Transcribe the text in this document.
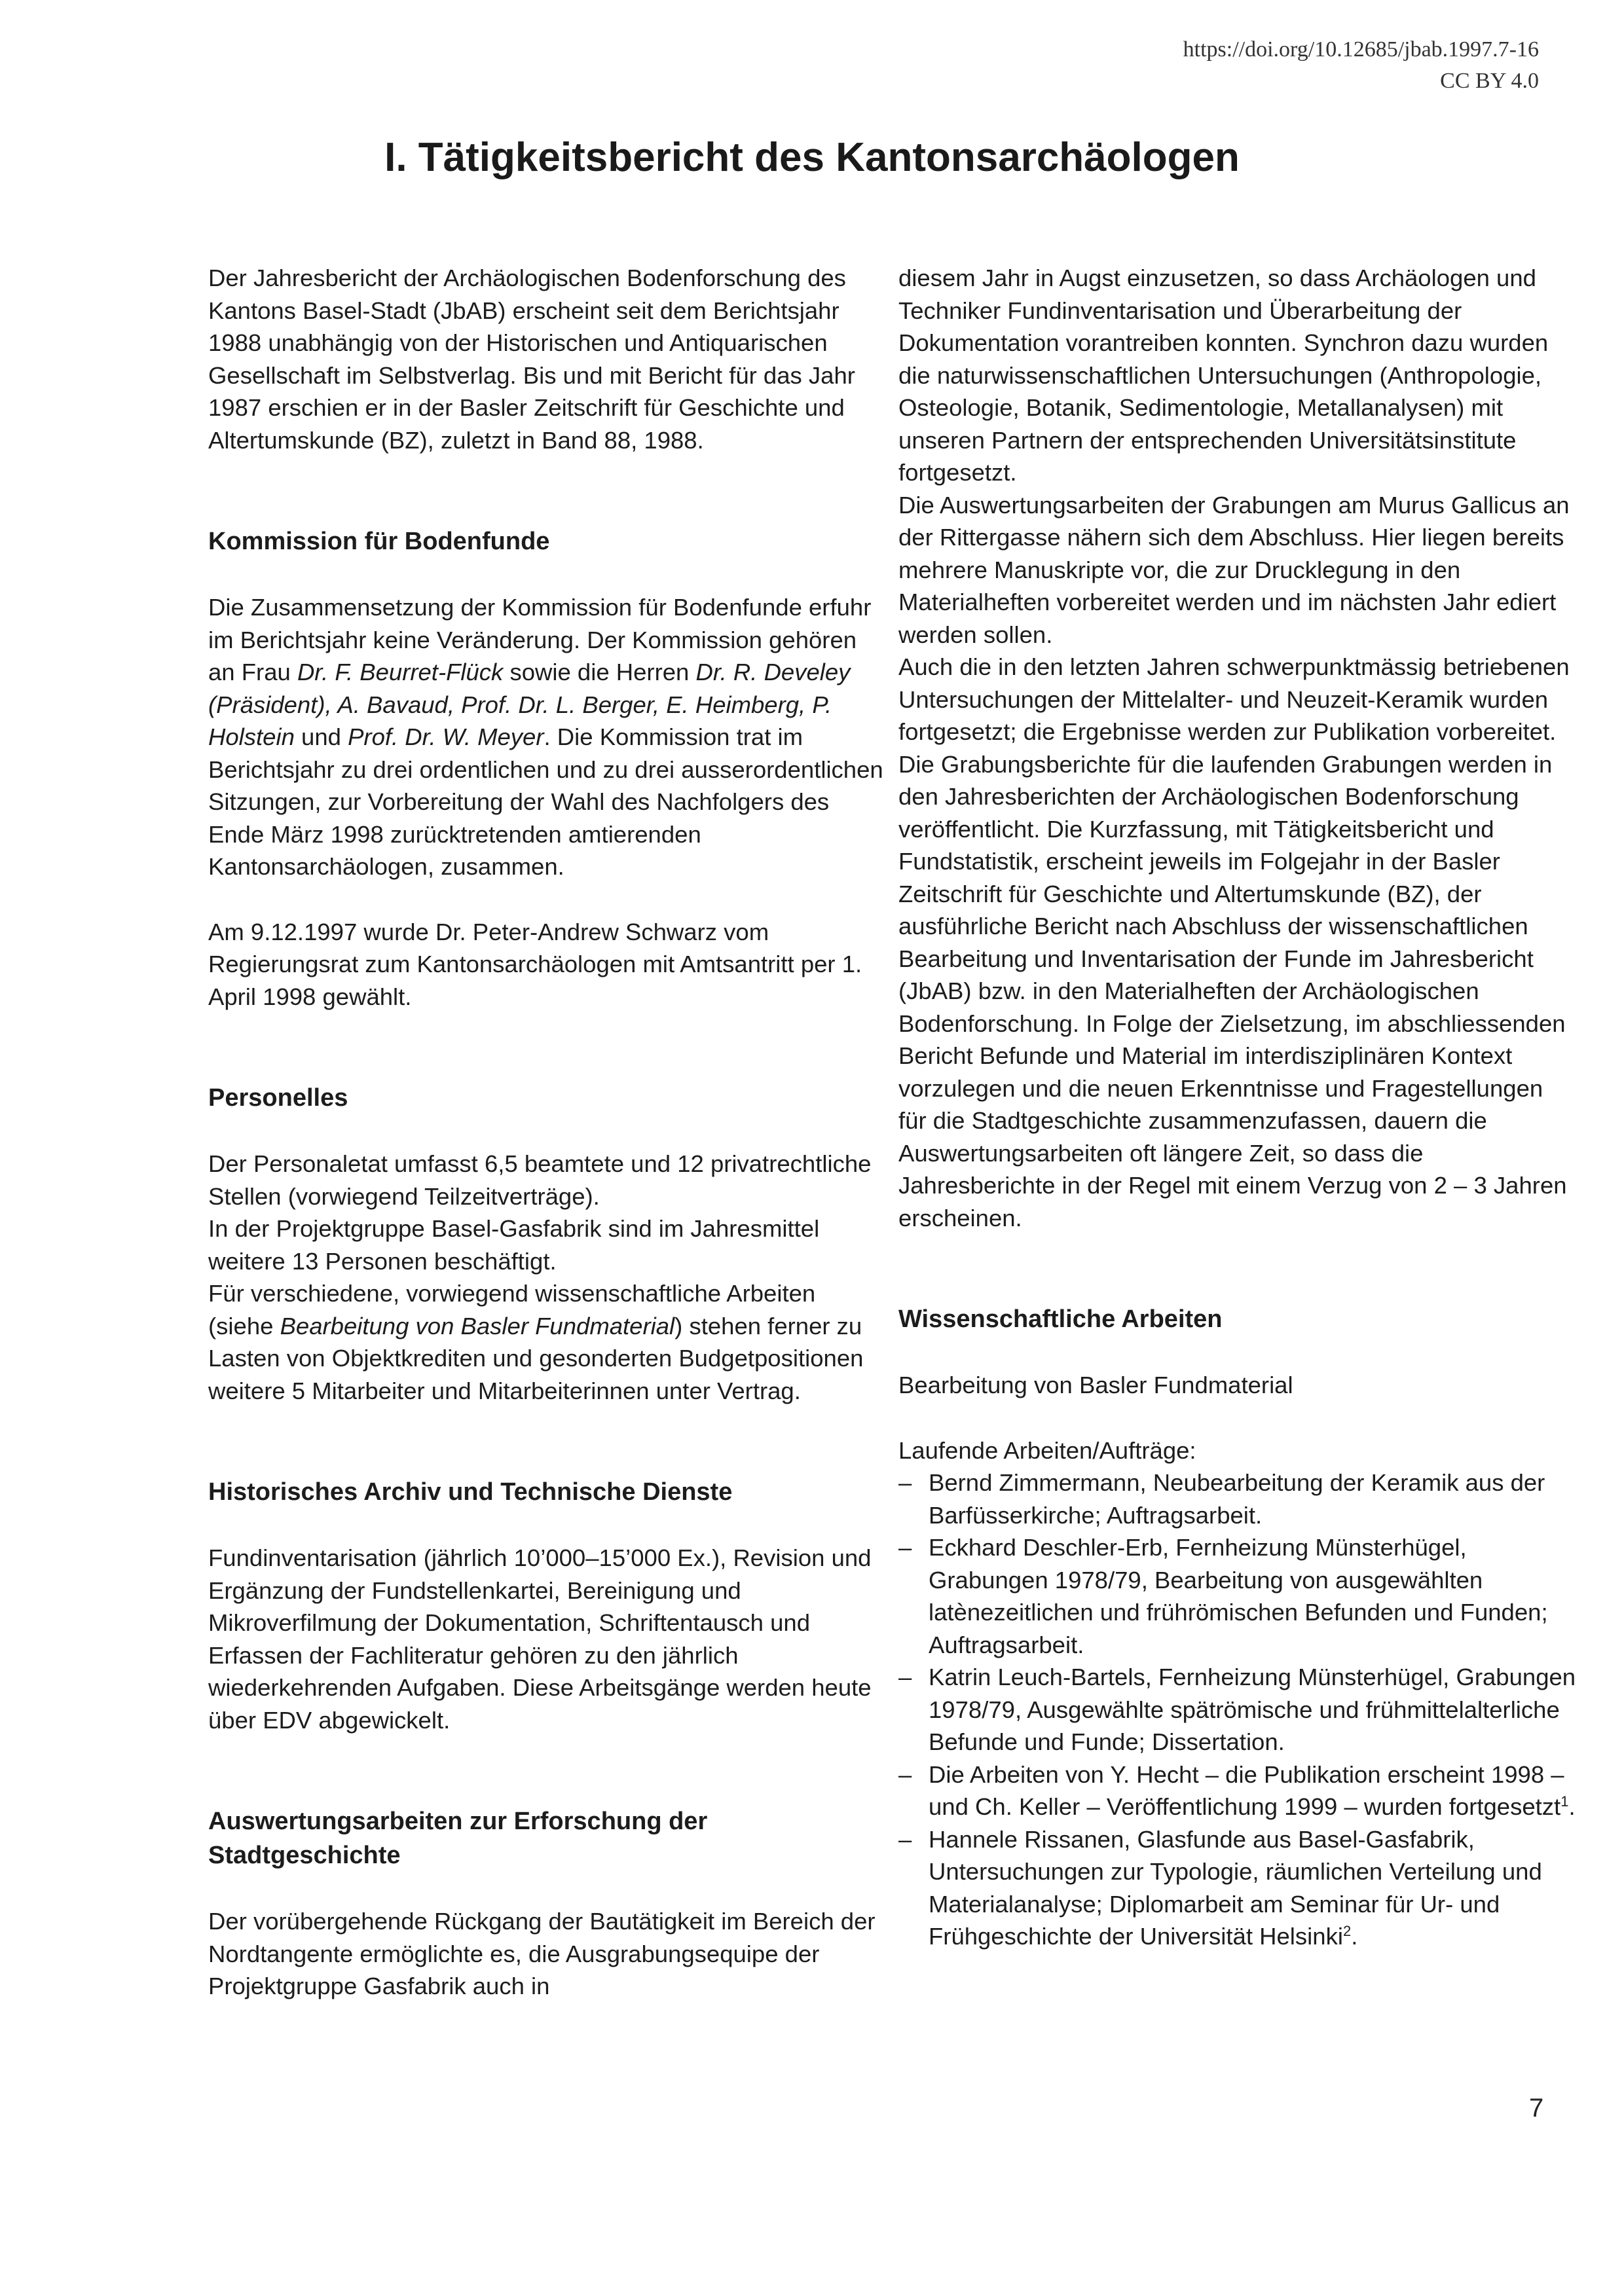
https://doi.org/10.12685/jbab.1997.7-16
CC BY 4.0
I. Tätigkeitsbericht des Kantonsarchäologen

Der Jahresbericht der Archäologischen Bodenforschung des Kantons Basel-Stadt (JbAB) erscheint seit dem Berichtsjahr 1988 unabhängig von der Historischen und Antiquarischen Gesellschaft im Selbstverlag. Bis und mit Bericht für das Jahr 1987 erschien er in der Basler Zeitschrift für Geschichte und Altertumskunde (BZ), zuletzt in Band 88, 1988.

Kommission für Bodenfunde

Die Zusammensetzung der Kommission für Bodenfunde erfuhr im Berichtsjahr keine Veränderung. Der Kommission gehören an Frau Dr. F. Beurret-Flück sowie die Herren Dr. R. Develey (Präsident), A. Bavaud, Prof. Dr. L. Berger, E. Heimberg, P. Holstein und Prof. Dr. W. Meyer. Die Kommission trat im Berichtsjahr zu drei ordentlichen und zu drei ausserordentlichen Sitzungen, zur Vorbereitung der Wahl des Nachfolgers des Ende März 1998 zurücktretenden amtierenden Kantonsarchäologen, zusammen.

Am 9.12.1997 wurde Dr. Peter-Andrew Schwarz vom Regierungsrat zum Kantonsarchäologen mit Amtsantritt per 1. April 1998 gewählt.

Personelles

Der Personaletat umfasst 6,5 beamtete und 12 privatrechtliche Stellen (vorwiegend Teilzeitverträge).

In der Projektgruppe Basel-Gasfabrik sind im Jahresmittel weitere 13 Personen beschäftigt.

Für verschiedene, vorwiegend wissenschaftliche Arbeiten (siehe Bearbeitung von Basler Fundmaterial) stehen ferner zu Lasten von Objektkrediten und gesonderten Budgetpositionen weitere 5 Mitarbeiter und Mitarbeiterinnen unter Vertrag.

Historisches Archiv und Technische Dienste

Fundinventarisation (jährlich 10’000–15’000 Ex.), Revision und Ergänzung der Fundstellenkartei, Bereinigung und Mikroverfilmung der Dokumentation, Schriftentausch und Erfassen der Fachliteratur gehören zu den jährlich wiederkehrenden Aufgaben. Diese Arbeitsgänge werden heute über EDV abgewickelt.

Auswertungsarbeiten zur Erforschung der Stadtgeschichte

Der vorübergehende Rückgang der Bautätigkeit im Bereich der Nordtangente ermöglichte es, die Ausgrabungsequipe der Projektgruppe Gasfabrik auch in

diesem Jahr in Augst einzusetzen, so dass Archäologen und Techniker Fundinventarisation und Überarbeitung der Dokumentation vorantreiben konnten. Synchron dazu wurden die naturwissenschaftlichen Untersuchungen (Anthropologie, Osteologie, Botanik, Sedimentologie, Metallanalysen) mit unseren Partnern der entsprechenden Universitätsinstitute fortgesetzt.

Die Auswertungsarbeiten der Grabungen am Murus Gallicus an der Rittergasse nähern sich dem Abschluss. Hier liegen bereits mehrere Manuskripte vor, die zur Drucklegung in den Materialheften vorbereitet werden und im nächsten Jahr ediert werden sollen.

Auch die in den letzten Jahren schwerpunktmässig betriebenen Untersuchungen der Mittelalter- und Neuzeit-Keramik wurden fortgesetzt; die Ergebnisse werden zur Publikation vorbereitet.

Die Grabungsberichte für die laufenden Grabungen werden in den Jahresberichten der Archäologischen Bodenforschung veröffentlicht. Die Kurzfassung, mit Tätigkeitsbericht und Fundstatistik, erscheint jeweils im Folgejahr in der Basler Zeitschrift für Geschichte und Altertumskunde (BZ), der ausführliche Bericht nach Abschluss der wissenschaftlichen Bearbeitung und Inventarisation der Funde im Jahresbericht (JbAB) bzw. in den Materialheften der Archäologischen Bodenforschung. In Folge der Zielsetzung, im abschliessenden Bericht Befunde und Material im interdisziplinären Kontext vorzulegen und die neuen Erkenntnisse und Fragestellungen für die Stadtgeschichte zusammenzufassen, dauern die Auswertungsarbeiten oft längere Zeit, so dass die Jahresberichte in der Regel mit einem Verzug von 2 – 3 Jahren erscheinen.

Wissenschaftliche Arbeiten

Bearbeitung von Basler Fundmaterial

Laufende Arbeiten/Aufträge:

– Bernd Zimmermann, Neubearbeitung der Keramik aus der Barfüsserkirche; Auftragsarbeit.
– Eckhard Deschler-Erb, Fernheizung Münsterhügel, Grabungen 1978/79, Bearbeitung von ausgewählten latènezeitlichen und frührömischen Befunden und Funden; Auftragsarbeit.
– Katrin Leuch-Bartels, Fernheizung Münsterhügel, Grabungen 1978/79, Ausgewählte spätrömische und frühmittelalterliche Befunde und Funde; Dissertation.
– Die Arbeiten von Y. Hecht – die Publikation erscheint 1998 – und Ch. Keller – Veröffentlichung 1999 – wurden fortgesetzt$^1$.
– Hannele Rissanen, Glasfunde aus Basel-Gasfabrik, Untersuchungen zur Typologie, räumlichen Verteilung und Materialanalyse; Diplomarbeit am Seminar für Ur- und Frühgeschichte der Universität Helsinki$^2$.
7
